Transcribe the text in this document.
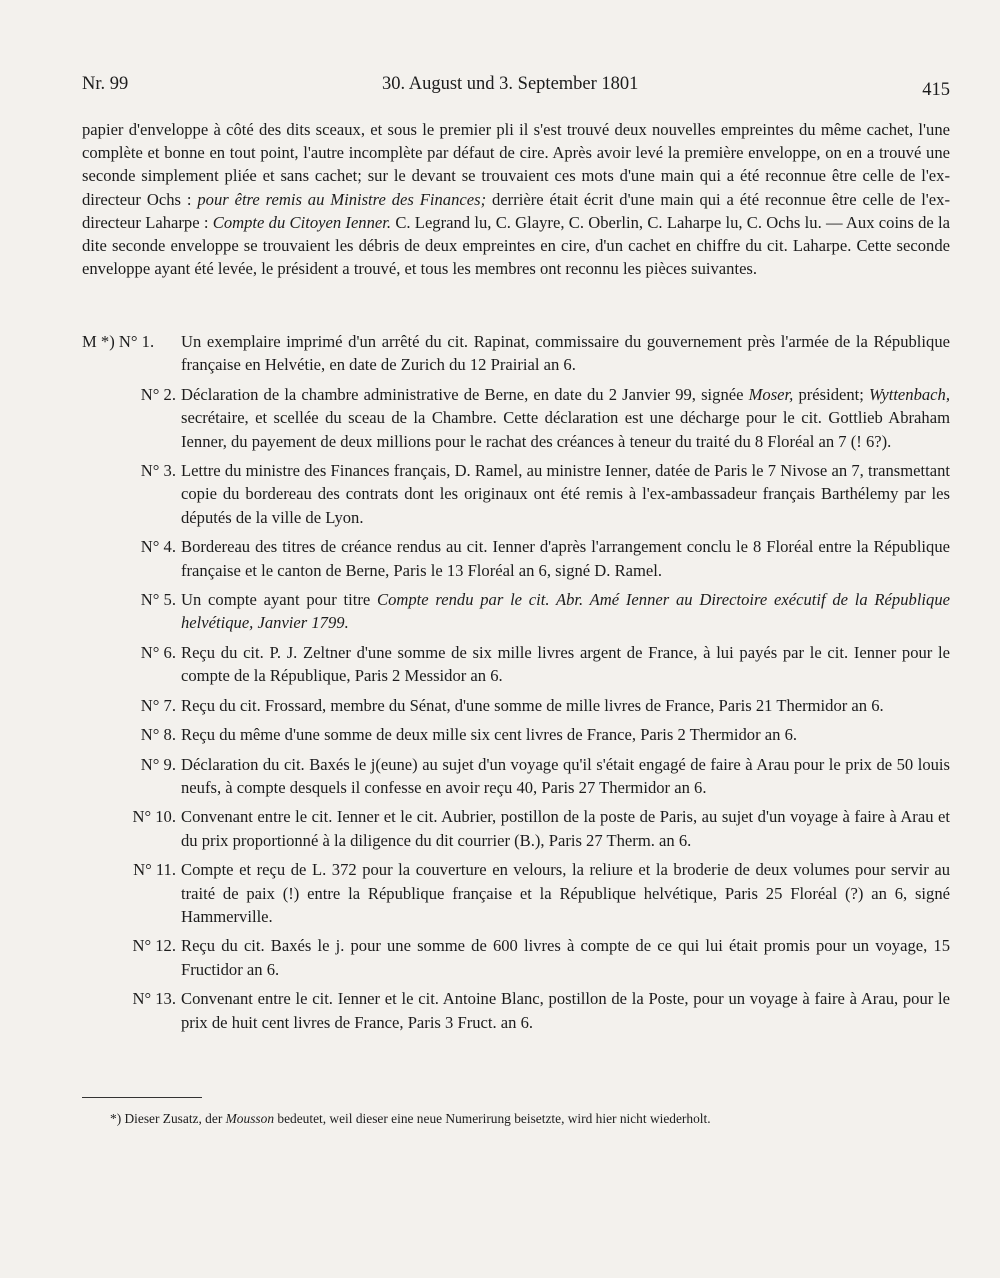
Nr. 99	30. August und 3. September 1801	415

papier d'enveloppe à côté des dits sceaux, et sous le premier pli il s'est trouvé deux nouvelles empreintes du même cachet, l'une complète et bonne en tout point, l'autre incomplète par défaut de cire. Après avoir levé la première enveloppe, on en a trouvé une seconde simplement pliée et sans cachet; sur le devant se trouvaient ces mots d'une main qui a été reconnue être celle de l'ex-directeur Ochs : pour être remis au Ministre des Finances; derrière était écrit d'une main qui a été reconnue être celle de l'ex-directeur Laharpe : Compte du Citoyen Ienner. C. Legrand lu, C. Glayre, C. Oberlin, C. Laharpe lu, C. Ochs lu. — Aux coins de la dite seconde enveloppe se trouvaient les débris de deux empreintes en cire, d'un cachet en chiffre du cit. Laharpe. Cette seconde enveloppe ayant été levée, le président a trouvé, et tous les membres ont reconnu les pièces suivantes.

M *) N° 1.	Un exemplaire imprimé d'un arrêté du cit. Rapinat, commissaire du gouvernement près l'armée de la République française en Helvétie, en date de Zurich du 12 Prairial an 6.
N° 2. Déclaration de la chambre administrative de Berne, en date du 2 Janvier 99, signée Moser, président; Wyttenbach, secrétaire, et scellée du sceau de la Chambre. Cette déclaration est une décharge pour le cit. Gottlieb Abraham Ienner, du payement de deux millions pour le rachat des créances à teneur du traité du 8 Floréal an 7 (! 6?).
N° 3. Lettre du ministre des Finances français, D. Ramel, au ministre Ienner, datée de Paris le 7 Nivose an 7, transmettant copie du bordereau des contrats dont les originaux ont été remis à l'ex-ambassadeur français Barthélemy par les députés de la ville de Lyon.
N° 4. Bordereau des titres de créance rendus au cit. Ienner d'après l'arrangement conclu le 8 Floréal entre la République française et le canton de Berne, Paris le 13 Floréal an 6, signé D. Ramel.
N° 5. Un compte ayant pour titre Compte rendu par le cit. Abr. Amé Ienner au Directoire exécutif de la République helvétique, Janvier 1799.
N° 6. Reçu du cit. P. J. Zeltner d'une somme de six mille livres argent de France, à lui payés par le cit. Ienner pour le compte de la République, Paris 2 Messidor an 6.
N° 7. Reçu du cit. Frossard, membre du Sénat, d'une somme de mille livres de France, Paris 21 Thermidor an 6.
N° 8. Reçu du même d'une somme de deux mille six cent livres de France, Paris 2 Thermidor an 6.
N° 9. Déclaration du cit. Baxés le j(eune) au sujet d'un voyage qu'il s'était engagé de faire à Arau pour le prix de 50 louis neufs, à compte desquels il confesse en avoir reçu 40, Paris 27 Thermidor an 6.
N° 10. Convenant entre le cit. Ienner et le cit. Aubrier, postillon de la poste de Paris, au sujet d'un voyage à faire à Arau et du prix proportionné à la diligence du dit courrier (B.), Paris 27 Therm. an 6.
N° 11. Compte et reçu de L. 372 pour la couverture en velours, la reliure et la broderie de deux volumes pour servir au traité de paix (!) entre la République française et la République helvétique, Paris 25 Floréal (?) an 6, signé Hammerville.
N° 12. Reçu du cit. Baxés le j. pour une somme de 600 livres à compte de ce qui lui était promis pour un voyage, 15 Fructidor an 6.
N° 13. Convenant entre le cit. Ienner et le cit. Antoine Blanc, postillon de la Poste, pour un voyage à faire à Arau, pour le prix de huit cent livres de France, Paris 3 Fruct. an 6.
*) Dieser Zusatz, der Mousson bedeutet, weil dieser eine neue Numerirung beisetzte, wird hier nicht wiederholt.
